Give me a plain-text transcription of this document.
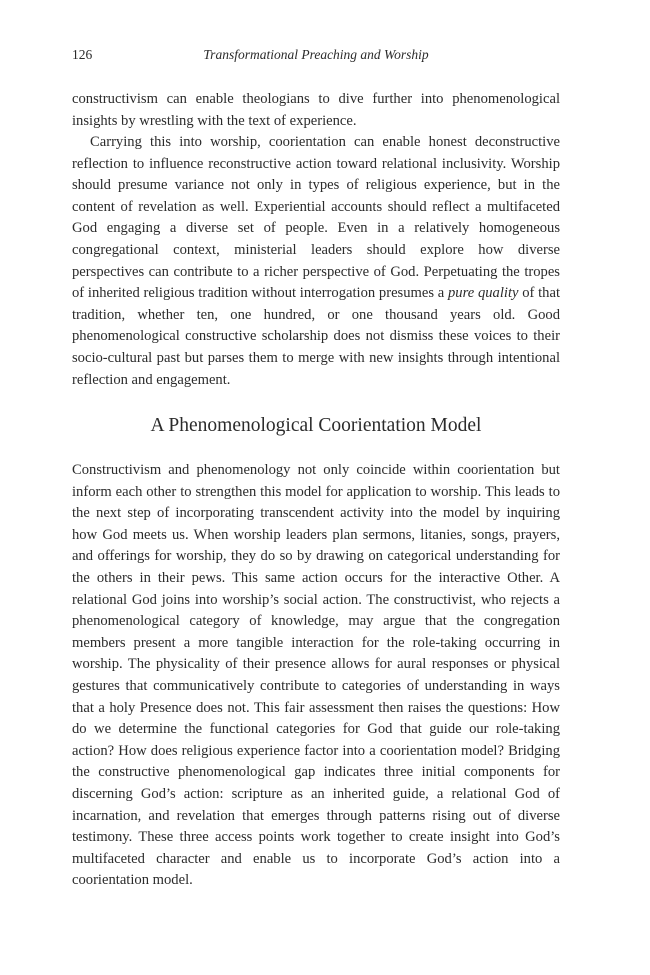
126	Transformational Preaching and Worship

constructivism can enable theologians to dive further into phenomenological insights by wrestling with the text of experience.

Carrying this into worship, coorientation can enable honest deconstructive reflection to influence reconstructive action toward relational inclusivity. Worship should presume variance not only in types of religious experience, but in the content of revelation as well. Experiential accounts should reflect a multifaceted God engaging a diverse set of people. Even in a relatively homogeneous congregational context, ministerial leaders should explore how diverse perspectives can contribute to a richer perspective of God. Perpetuating the tropes of inherited religious tradition without interrogation presumes a pure quality of that tradition, whether ten, one hundred, or one thousand years old. Good phenomenological constructive scholarship does not dismiss these voices to their socio-cultural past but parses them to merge with new insights through intentional reflection and engagement.

A Phenomenological Coorientation Model

Constructivism and phenomenology not only coincide within coorientation but inform each other to strengthen this model for application to worship. This leads to the next step of incorporating transcendent activity into the model by inquiring how God meets us. When worship leaders plan sermons, litanies, songs, prayers, and offerings for worship, they do so by drawing on categorical understanding for the others in their pews. This same action occurs for the interactive Other. A relational God joins into worship’s social action. The constructivist, who rejects a phenomenological category of knowledge, may argue that the congregation members present a more tangible interaction for the role-taking occurring in worship. The physicality of their presence allows for aural responses or physical gestures that communicatively contribute to categories of understanding in ways that a holy Presence does not. This fair assessment then raises the questions: How do we determine the functional categories for God that guide our role-taking action? How does religious experience factor into a coorientation model? Bridging the constructive phenomenological gap indicates three initial components for discerning God’s action: scripture as an inherited guide, a relational God of incarnation, and revelation that emerges through patterns rising out of diverse testimony. These three access points work together to create insight into God’s multifaceted character and enable us to incorporate God’s action into a coorientation model.
